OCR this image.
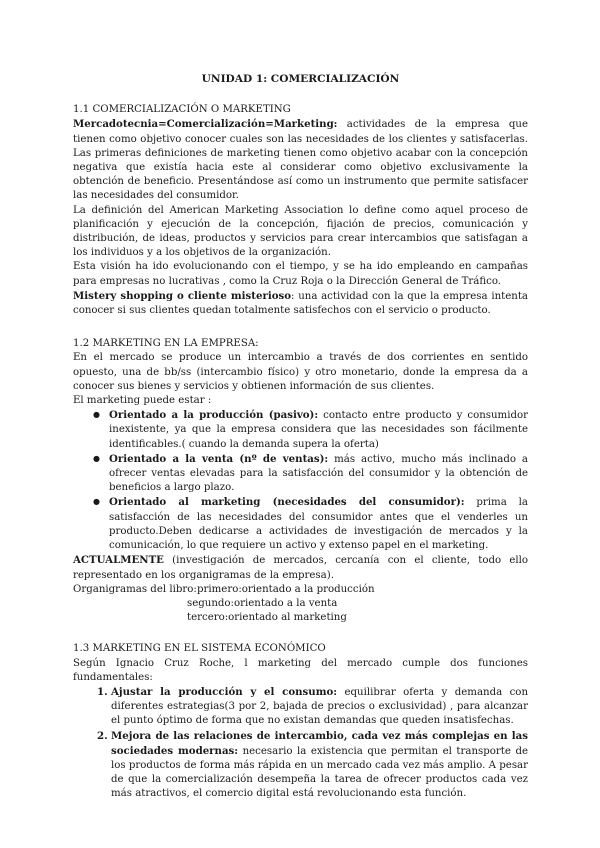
UNIDAD 1: COMERCIALIZACIÓN
1.1 COMERCIALIZACIÓN O MARKETING

Mercadotecnia=Comercialización=Marketing: actividades de la empresa que tienen como objetivo conocer cuales son las necesidades de los clientes y satisfacerlas. Las primeras definiciones de marketing tienen como objetivo acabar con la concepción negativa que existía hacia este al considerar como objetivo exclusivamente la obtención de beneficio. Presentándose así como un instrumento que permite satisfacer las necesidades del consumidor.

La definición del American Marketing Association lo define como aquel proceso de planificación y ejecución de la concepción, fijación de precios, comunicación y distribución, de ideas, productos y servicios para crear intercambios que satisfagan a los individuos y a los objetivos de la organización.

Esta visión ha ido evolucionando con el tiempo, y se ha ido empleando en campañas para empresas no lucrativas , como la Cruz Roja o la Dirección General de Tráfico.

Mistery shopping o cliente misterioso: una actividad con la que la empresa intenta conocer si sus clientes quedan totalmente satisfechos con el servicio o producto.

1.2 MARKETING EN LA EMPRESA:

En el mercado se produce un intercambio a través de dos corrientes en sentido opuesto, una de bb/ss (intercambio físico) y otro monetario, donde la empresa da a conocer sus bienes y servicios y obtienen información de sus clientes.

El marketing puede estar :

● Orientado a la producción (pasivo): contacto entre producto y consumidor inexistente, ya que la empresa considera que las necesidades son fácilmente identificables.( cuando la demanda supera la oferta)
● Orientado a la venta (nº de ventas): más activo, mucho más inclinado a ofrecer ventas elevadas para la satisfacción del consumidor y la obtención de beneficios a largo plazo.
● Orientado al marketing (necesidades del consumidor): prima la satisfacción de las necesidades del consumidor antes que el venderles un producto.Deben dedicarse a actividades de investigación de mercados y la comunicación, lo que requiere un activo y extenso papel en el marketing.

ACTUALMENTE (investigación de mercados, cercanía con el cliente, todo ello representado en los organigramas de la empresa).

Organigramas del libro: primero:orientado a la producción
segundo:orientado a la venta
tercero:orientado al marketing
1.3 MARKETING EN EL SISTEMA ECONÓMICO

Según Ignacio Cruz Roche, l marketing del mercado cumple dos funciones fundamentales:

1. Ajustar la producción y el consumo: equilibrar oferta y demanda con diferentes estrategias(3 por 2, bajada de precios o exclusividad) , para alcanzar el punto óptimo de forma que no existan demandas que queden insatisfechas.
2. Mejora de las relaciones de intercambio, cada vez más complejas en las sociedades modernas: necesario la existencia que permitan el transporte de los productos de forma más rápida en un mercado cada vez más amplio. A pesar de que la comercialización desempeña la tarea de ofrecer productos cada vez más atractivos, el comercio digital está revolucionando esta función.
